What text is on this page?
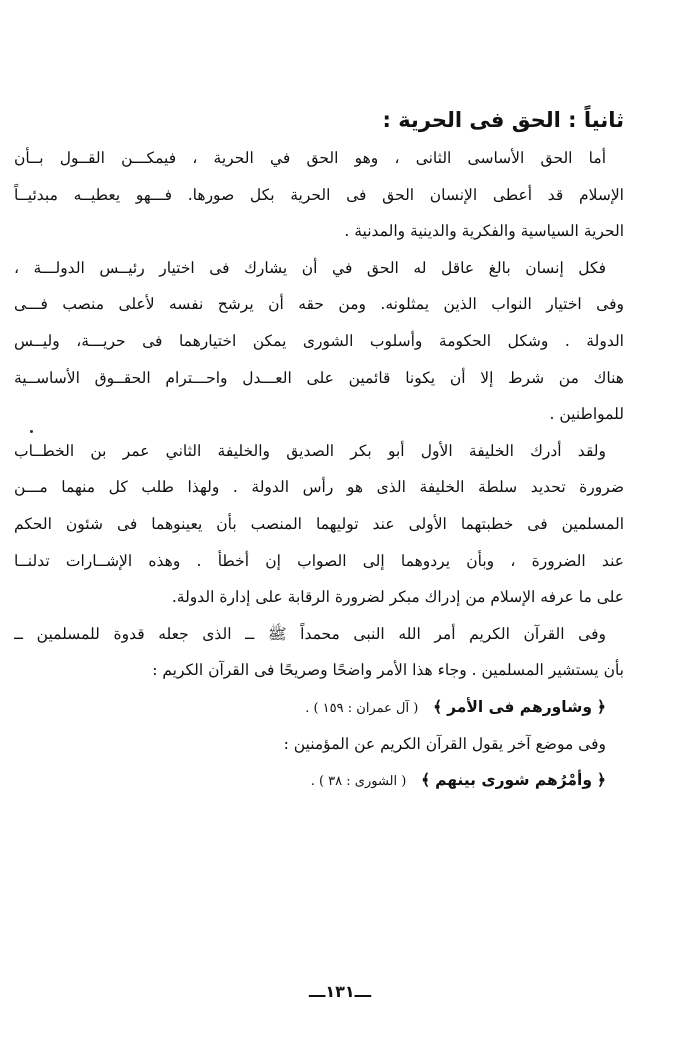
ثانياً : الحق فى الحرية :
أما الحق الأساسى الثانى ، وهو الحق في الحرية ، فيمكـــن القــول بــأن
الإسلام قد أعطى الإنسان الحق فى الحرية بكل صورها. فـــهو يعطيــه مبدئيــاً
الحرية السياسية والفكرية والدينية والمدنية .
فكل إنسان بالغ عاقل له الحق في أن يشارك فى اختيار رئيــس الدولـــة ،
وفى اختيار النواب الذين يمثلونه. ومن حقه أن يرشح نفسه لأعلى منصب فـــى
الدولة . وشكل الحكومة وأسلوب الشورى يمكن اختيارهما فى حريـــة، وليــس
هناك من شرط إلا أن يكونا قائمين على العـــدل واحـــترام الحقــوق الأساســية
للمواطنين .
ولقد أدرك الخليفة الأول أبو بكر الصديق والخليفة الثاني عمر بن الخطــاب
ضرورة تحديد سلطة الخليفة الذى هو رأس الدولة . ولهذا طلب كل منهما مـــن
المسلمين فى خطبتهما الأولى عند توليهما المنصب بأن يعينوهما فى شئون الحكم
عند الضرورة ، وبأن يردوهما إلى الصواب إن أخطأ . وهذه الإشــارات تدلنــا
على ما عرفه الإسلام من إدراك مبكر لضرورة الرقابة على إدارة الدولة.
وفى القرآن الكريم أمر الله النبى محمداً ﷺ ــ الذى جعله قدوة للمسلمين ــ
بأن يستشير المسلمين . وجاء هذا الأمر واضحًا وصريحًا فى القرآن الكريم :
﴿ وشاورهم فى الأمر ﴾   ( آل عمران : ١٥٩ ) .
وفى موضع آخر يقول القرآن الكريم عن المؤمنين :
﴿ وأمْرُهم شورى بينهم ﴾   ( الشورى : ٣٨ ) .
ـــ١٣١ـــ
